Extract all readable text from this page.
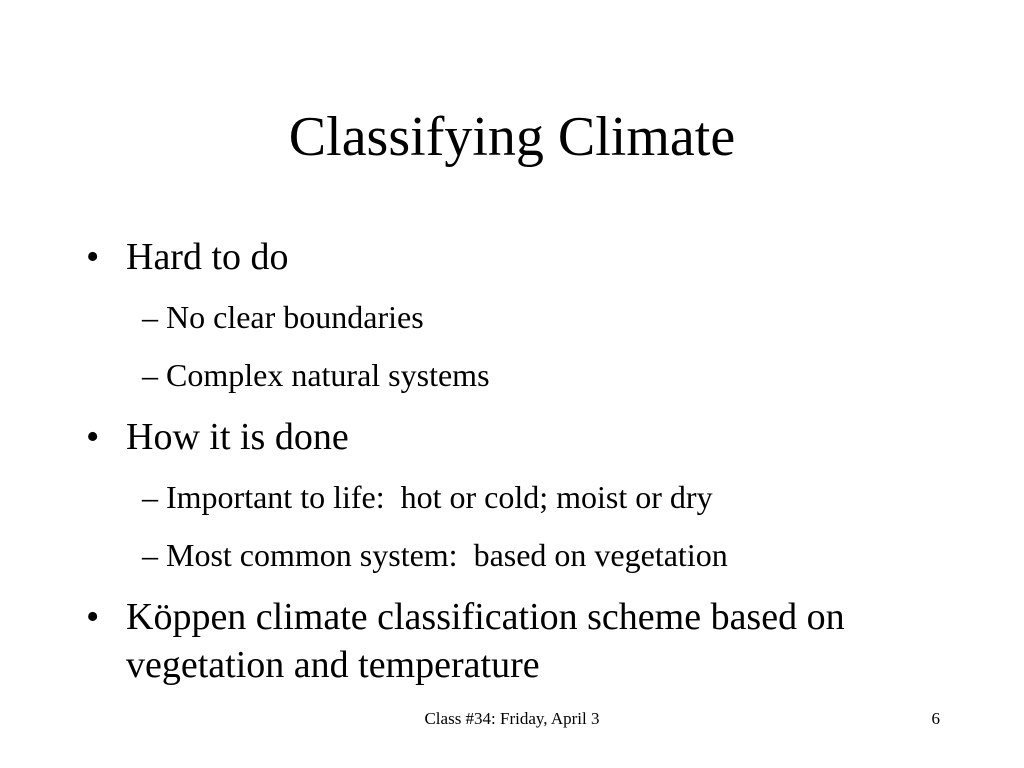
Classifying Climate
• Hard to do
– No clear boundaries
– Complex natural systems
• How it is done
– Important to life:  hot or cold; moist or dry
– Most common system:  based on vegetation
• Köppen climate classification scheme based on vegetation and temperature
Class #34: Friday, April 3	6
